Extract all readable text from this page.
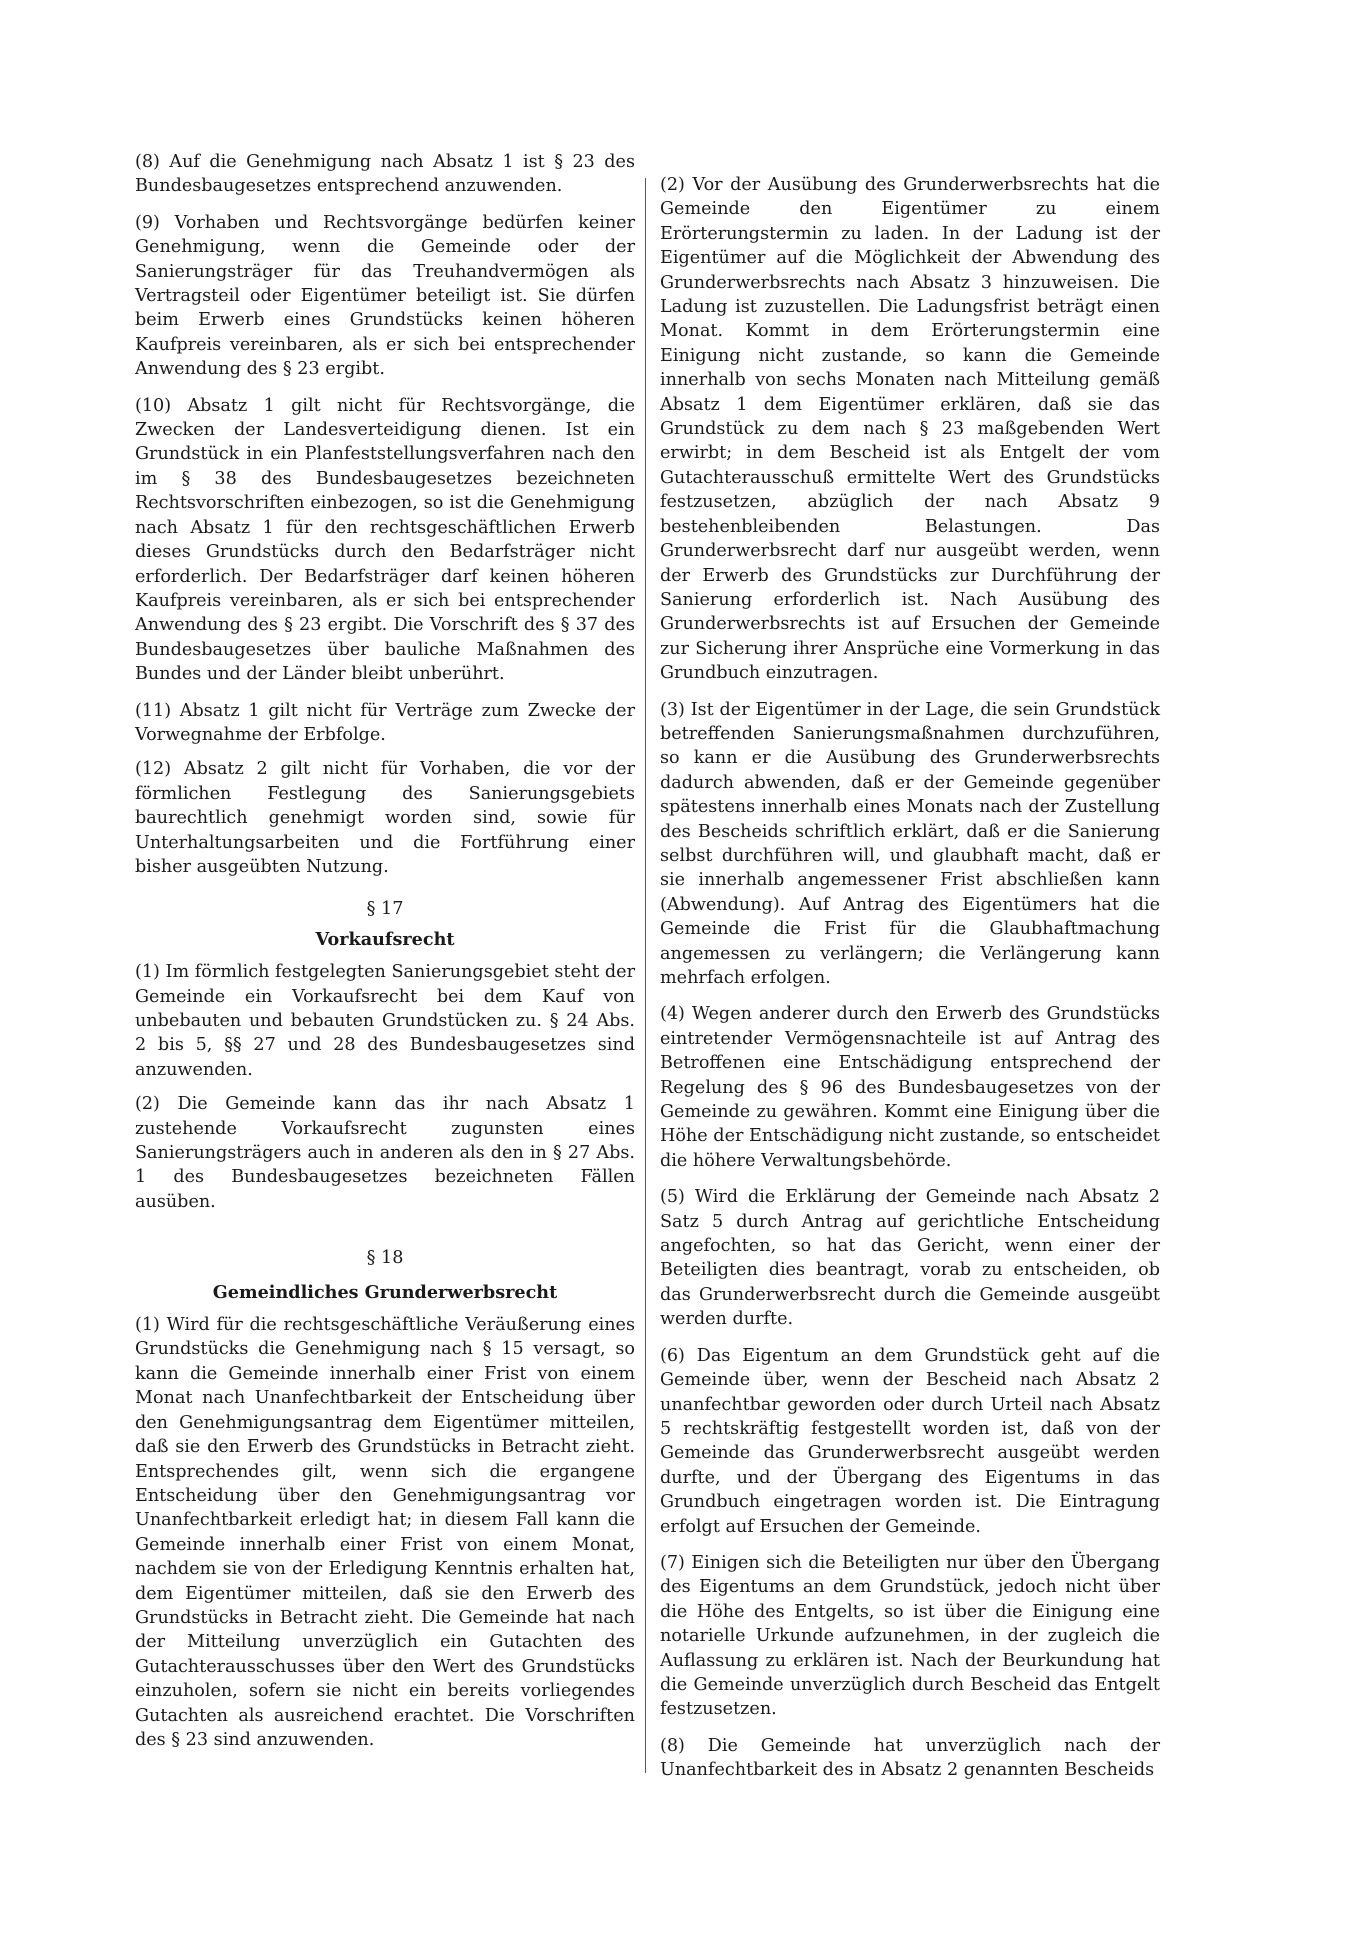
(8) Auf die Genehmigung nach Absatz 1 ist § 23 des Bundesbaugesetzes entsprechend anzuwenden.

(9) Vorhaben und Rechtsvorgänge bedürfen keiner Genehmigung, wenn die Gemeinde oder der Sanierungsträger für das Treuhandvermögen als Vertragsteil oder Eigentümer beteiligt ist. Sie dürfen beim Erwerb eines Grundstücks keinen höheren Kaufpreis vereinbaren, als er sich bei entsprechender Anwendung des § 23 ergibt.

(10) Absatz 1 gilt nicht für Rechtsvorgänge, die Zwecken der Landesverteidigung dienen. Ist ein Grundstück in ein Planfeststellungsverfahren nach den im § 38 des Bundesbaugesetzes bezeichneten Rechtsvorschriften einbezogen, so ist die Genehmigung nach Absatz 1 für den rechtsgeschäftlichen Erwerb dieses Grundstücks durch den Bedarfsträger nicht erforderlich. Der Bedarfsträger darf keinen höheren Kaufpreis vereinbaren, als er sich bei entsprechender Anwendung des § 23 ergibt. Die Vorschrift des § 37 des Bundesbaugesetzes über bauliche Maßnahmen des Bundes und der Länder bleibt unberührt.

(11) Absatz 1 gilt nicht für Verträge zum Zwecke der Vorwegnahme der Erbfolge.

(12) Absatz 2 gilt nicht für Vorhaben, die vor der förmlichen Festlegung des Sanierungsgebiets baurechtlich genehmigt worden sind, sowie für Unterhaltungsarbeiten und die Fortführung einer bisher ausgeübten Nutzung.

§ 17
Vorkaufsrecht

(1) Im förmlich festgelegten Sanierungsgebiet steht der Gemeinde ein Vorkaufsrecht bei dem Kauf von unbebauten und bebauten Grundstücken zu. § 24 Abs. 2 bis 5, §§ 27 und 28 des Bundesbaugesetzes sind anzuwenden.

(2) Die Gemeinde kann das ihr nach Absatz 1 zustehende Vorkaufsrecht zugunsten eines Sanierungsträgers auch in anderen als den in § 27 Abs. 1 des Bundesbaugesetzes bezeichneten Fällen ausüben.

§ 18
Gemeindliches Grunderwerbsrecht

(1) Wird für die rechtsgeschäftliche Veräußerung eines Grundstücks die Genehmigung nach § 15 versagt, so kann die Gemeinde innerhalb einer Frist von einem Monat nach Unanfechtbarkeit der Entscheidung über den Genehmigungsantrag dem Eigentümer mitteilen, daß sie den Erwerb des Grundstücks in Betracht zieht. Entsprechendes gilt, wenn sich die ergangene Entscheidung über den Genehmigungsantrag vor Unanfechtbarkeit erledigt hat; in diesem Fall kann die Gemeinde innerhalb einer Frist von einem Monat, nachdem sie von der Erledigung Kenntnis erhalten hat, dem Eigentümer mitteilen, daß sie den Erwerb des Grundstücks in Betracht zieht. Die Gemeinde hat nach der Mitteilung unverzüglich ein Gutachten des Gutachterausschusses über den Wert des Grundstücks einzuholen, sofern sie nicht ein bereits vorliegendes Gutachten als ausreichend erachtet. Die Vorschriften des § 23 sind anzuwenden.

(2) Vor der Ausübung des Grunderwerbsrechts hat die Gemeinde den Eigentümer zu einem Erörterungstermin zu laden. In der Ladung ist der Eigentümer auf die Möglichkeit der Abwendung des Grunderwerbsrechts nach Absatz 3 hinzuweisen. Die Ladung ist zuzustellen. Die Ladungsfrist beträgt einen Monat. Kommt in dem Erörterungstermin eine Einigung nicht zustande, so kann die Gemeinde innerhalb von sechs Monaten nach Mitteilung gemäß Absatz 1 dem Eigentümer erklären, daß sie das Grundstück zu dem nach § 23 maßgebenden Wert erwirbt; in dem Bescheid ist als Entgelt der vom Gutachterausschuß ermittelte Wert des Grundstücks festzusetzen, abzüglich der nach Absatz 9 bestehenbleibenden Belastungen. Das Grunderwerbsrecht darf nur ausgeübt werden, wenn der Erwerb des Grundstücks zur Durchführung der Sanierung erforderlich ist. Nach Ausübung des Grunderwerbsrechts ist auf Ersuchen der Gemeinde zur Sicherung ihrer Ansprüche eine Vormerkung in das Grundbuch einzutragen.

(3) Ist der Eigentümer in der Lage, die sein Grundstück betreffenden Sanierungsmaßnahmen durchzuführen, so kann er die Ausübung des Grunderwerbsrechts dadurch abwenden, daß er der Gemeinde gegenüber spätestens innerhalb eines Monats nach der Zustellung des Bescheids schriftlich erklärt, daß er die Sanierung selbst durchführen will, und glaubhaft macht, daß er sie innerhalb angemessener Frist abschließen kann (Abwendung). Auf Antrag des Eigentümers hat die Gemeinde die Frist für die Glaubhaftmachung angemessen zu verlängern; die Verlängerung kann mehrfach erfolgen.

(4) Wegen anderer durch den Erwerb des Grundstücks eintretender Vermögensnachteile ist auf Antrag des Betroffenen eine Entschädigung entsprechend der Regelung des § 96 des Bundesbaugesetzes von der Gemeinde zu gewähren. Kommt eine Einigung über die Höhe der Entschädigung nicht zustande, so entscheidet die höhere Verwaltungsbehörde.

(5) Wird die Erklärung der Gemeinde nach Absatz 2 Satz 5 durch Antrag auf gerichtliche Entscheidung angefochten, so hat das Gericht, wenn einer der Beteiligten dies beantragt, vorab zu entscheiden, ob das Grunderwerbsrecht durch die Gemeinde ausgeübt werden durfte.

(6) Das Eigentum an dem Grundstück geht auf die Gemeinde über, wenn der Bescheid nach Absatz 2 unanfechtbar geworden oder durch Urteil nach Absatz 5 rechtskräftig festgestellt worden ist, daß von der Gemeinde das Grunderwerbsrecht ausgeübt werden durfte, und der Übergang des Eigentums in das Grundbuch eingetragen worden ist. Die Eintragung erfolgt auf Ersuchen der Gemeinde.

(7) Einigen sich die Beteiligten nur über den Übergang des Eigentums an dem Grundstück, jedoch nicht über die Höhe des Entgelts, so ist über die Einigung eine notarielle Urkunde aufzunehmen, in der zugleich die Auflassung zu erklären ist. Nach der Beurkundung hat die Gemeinde unverzüglich durch Bescheid das Entgelt festzusetzen.

(8) Die Gemeinde hat unverzüglich nach der Unanfechtbarkeit des in Absatz 2 genannten Bescheids
